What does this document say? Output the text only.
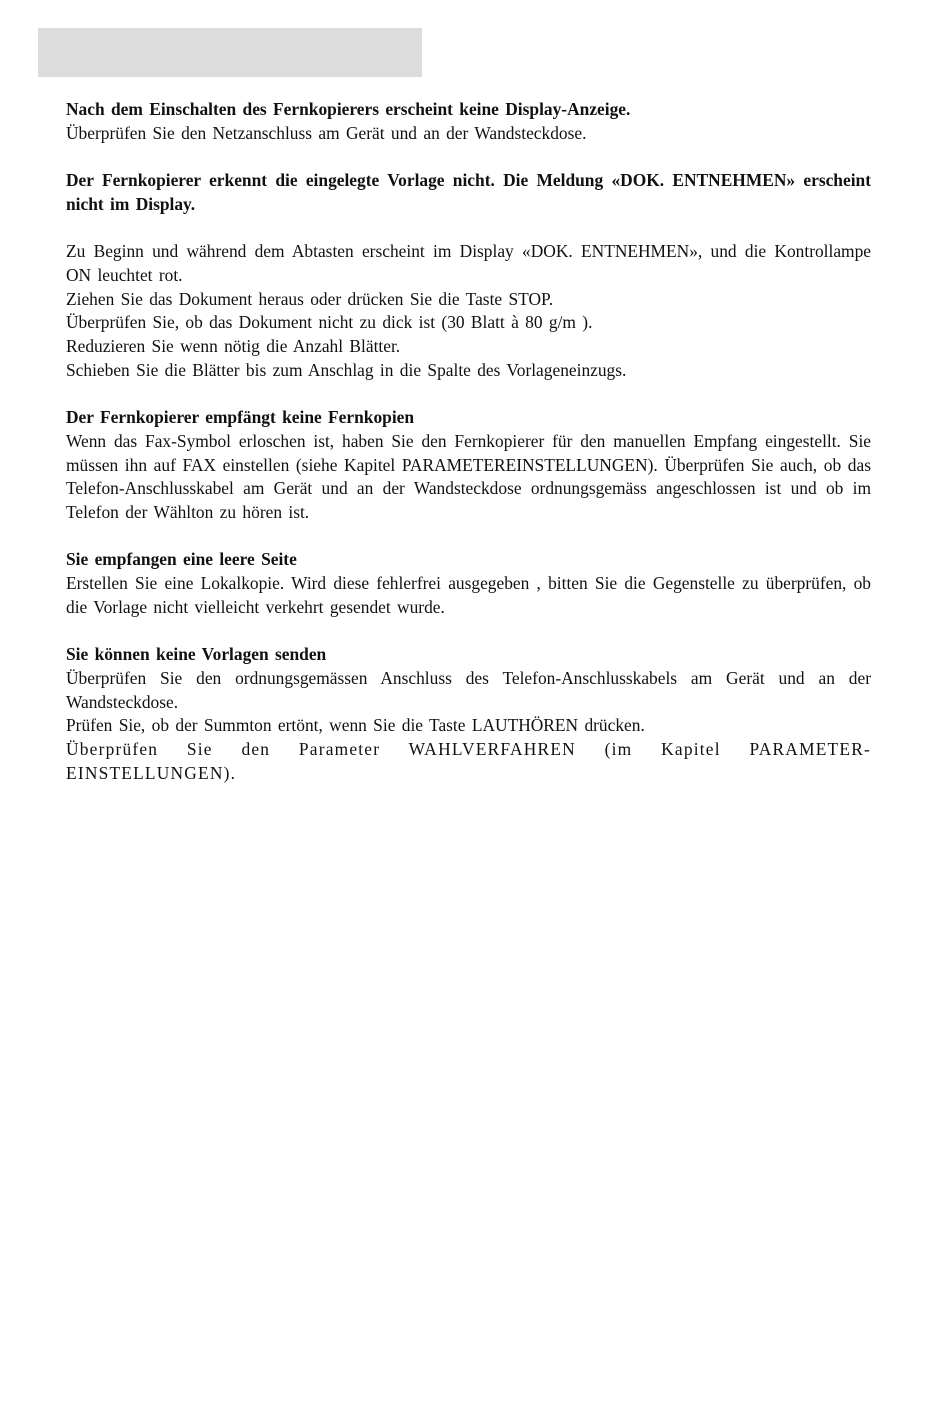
Nach dem Einschalten des Fernkopierers erscheint keine Display-Anzeige.
Überprüfen Sie den Netzanschluss am Gerät und an der Wandsteckdose.
Der Fernkopierer erkennt die eingelegte Vorlage nicht. Die Meldung «DOK. ENTNEHMEN» erscheint nicht im Display.
Zu Beginn und während dem Abtasten erscheint im Display «DOK. ENTNEHMEN», und die Kontrollampe ON leuchtet rot.
Ziehen Sie das Dokument heraus oder drücken Sie die Taste STOP.
Überprüfen Sie, ob das Dokument nicht zu dick ist (30 Blatt à 80 g/m ).
Reduzieren Sie wenn nötig die Anzahl Blätter.
Schieben Sie die Blätter bis zum Anschlag in die Spalte des Vorlageneinzugs.
Der Fernkopierer empfängt keine Fernkopien
Wenn das Fax-Symbol erloschen ist, haben Sie den Fernkopierer für den manuellen Empfang eingestellt. Sie müssen ihn auf FAX einstellen (siehe Kapitel PARAMETEREINSTELLUNGEN). Überprüfen Sie auch, ob das Telefon-Anschlusskabel am Gerät und an der Wandsteckdose ordnungsgemäss angeschlossen ist und ob im Telefon der Wählton zu hören ist.
Sie empfangen eine leere Seite
Erstellen Sie eine Lokalkopie. Wird diese fehlerfrei ausgegeben , bitten Sie die Gegenstelle zu überprüfen, ob die Vorlage nicht vielleicht verkehrt gesendet wurde.
Sie können keine Vorlagen senden
Überprüfen Sie den ordnungsgemässen Anschluss des Telefon-Anschlusskabels am Gerät und an der Wandsteckdose.
Prüfen Sie, ob der Summton ertönt, wenn Sie die Taste LAUTHÖREN drücken.
Überprüfen Sie den Parameter WAHLVERFAHREN (im Kapitel PARAMETER-EINSTELLUNGEN).
